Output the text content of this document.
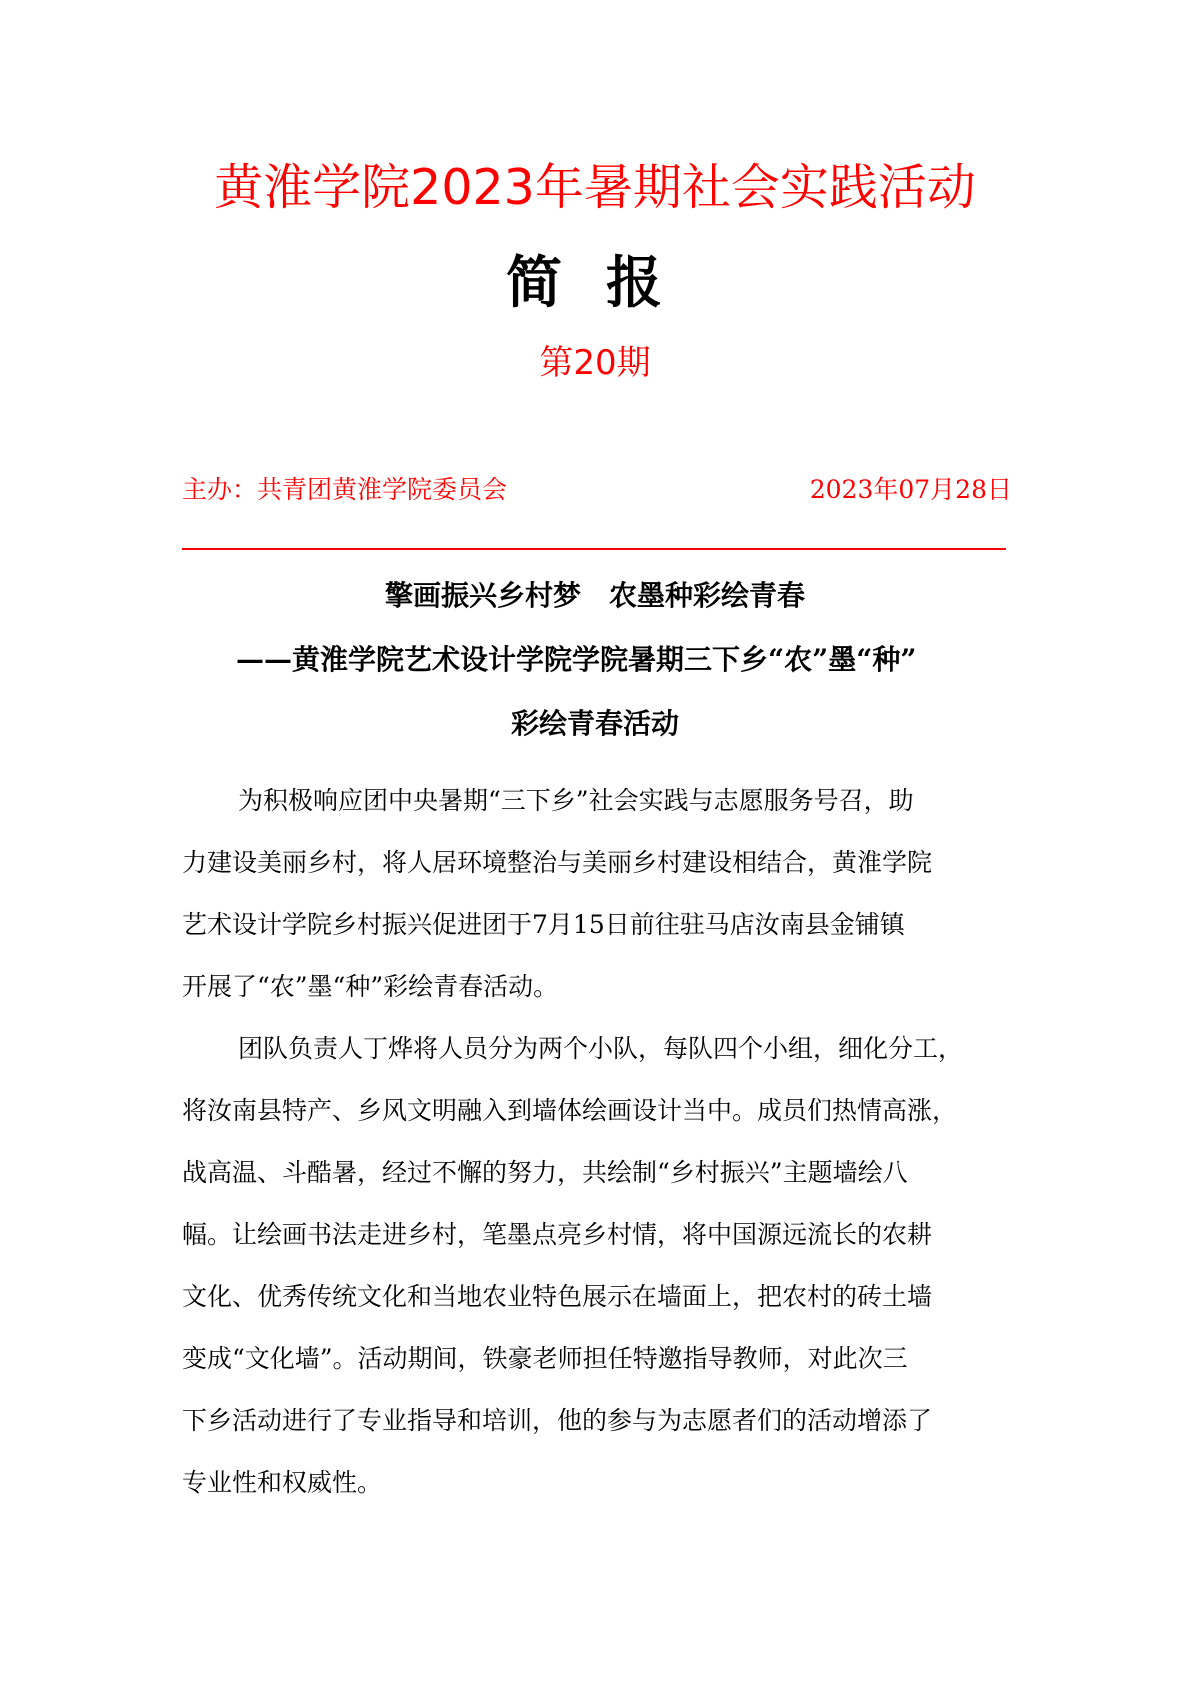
黄淮学院2023年暑期社会实践活动
简报
第20期
主办：共青团黄淮学院委员会	2023年07月28日
擎画振兴乡村梦　农墨种彩绘青春
——黄淮学院艺术设计学院学院暑期三下乡“农”墨“种”
彩绘青春活动

为积极响应团中央暑期“三下乡”社会实践与志愿服务号召，助
力建设美丽乡村，将人居环境整治与美丽乡村建设相结合，黄淮学院
艺术设计学院乡村振兴促进团于7月15日前往驻马店汝南县金铺镇
开展了“农”墨“种”彩绘青春活动。

团队负责人丁烨将人员分为两个小队，每队四个小组，细化分工，
将汝南县特产、乡风文明融入到墙体绘画设计当中。成员们热情高涨，
战高温、斗酷暑，经过不懈的努力，共绘制“乡村振兴”主题墙绘八
幅。让绘画书法走进乡村，笔墨点亮乡村情，将中国源远流长的农耕
文化、优秀传统文化和当地农业特色展示在墙面上，把农村的砖土墙
变成“文化墙”。活动期间，铁豪老师担任特邀指导教师，对此次三
下乡活动进行了专业指导和培训，他的参与为志愿者们的活动增添了
专业性和权威性。
